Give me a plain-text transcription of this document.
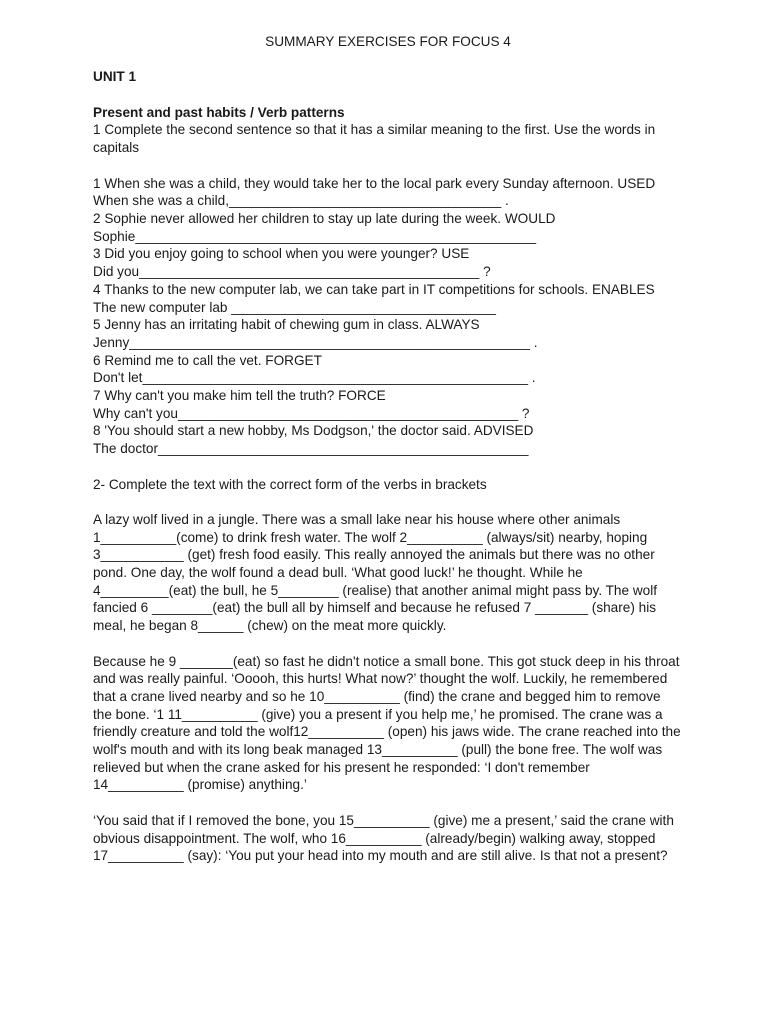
SUMMARY EXERCISES FOR FOCUS 4

UNIT 1

Present and past habits / Verb patterns

1 Complete the second sentence so that it has a similar meaning to the first. Use the words in capitals

1 When she was a child, they would take her to the local park every Sunday afternoon. USED

When she was a child,____________________________________ .

2 Sophie never allowed her children to stay up late during the week. WOULD

Sophie_____________________________________________________

3 Did you enjoy going to school when you were younger? USE

Did you_____________________________________________ ?

4 Thanks to the new computer lab, we can take part in IT competitions for schools. ENABLES

The new computer lab ___________________________________

5 Jenny has an irritating habit of chewing gum in class. ALWAYS

Jenny_____________________________________________________ .

6 Remind me to call the vet. FORGET

Don't let___________________________________________________ .

7 Why can't you make him tell the truth? FORCE

Why can't you_____________________________________________ ?

8 'You should start a new hobby, Ms Dodgson,' the doctor said. ADVISED

The doctor_________________________________________________

2- Complete the text with the correct form of the verbs in brackets

A lazy wolf lived in a jungle. There was a small lake near his house where other animals 1__________(come) to drink fresh water. The wolf 2__________ (always/sit) nearby, hoping 3___________ (get) fresh food easily. This really annoyed the animals but there was no other pond. One day, the wolf found a dead bull. ‘What good luck!’ he thought. While he 4_________(eat) the bull, he 5________ (realise) that another animal might pass by. The wolf fancied 6 ________(eat) the bull all by himself and because he refused 7 _______ (share) his meal, he began 8______ (chew) on the meat more quickly.

Because he 9 _______(eat) so fast he didn't notice a small bone. This got stuck deep in his throat and was really painful. ‘Ooooh, this hurts! What now?’ thought the wolf. Luckily, he remembered that a crane lived nearby and so he 10__________ (find) the crane and begged him to remove the bone. ‘1 11__________ (give) you a present if you help me,’ he promised. The crane was a friendly creature and told the wolf12__________ (open) his jaws wide. The crane reached into the wolf's mouth and with its long beak managed 13__________ (pull) the bone free. The wolf was relieved but when the crane asked for his present he responded: ‘I don't remember 14__________ (promise) anything.’

‘You said that if I removed the bone, you 15__________ (give) me a present,’ said the crane with obvious disappointment. The wolf, who 16__________ (already/begin) walking away, stopped 17__________ (say): ‘You put your head into my mouth and are still alive. Is that not a present?
